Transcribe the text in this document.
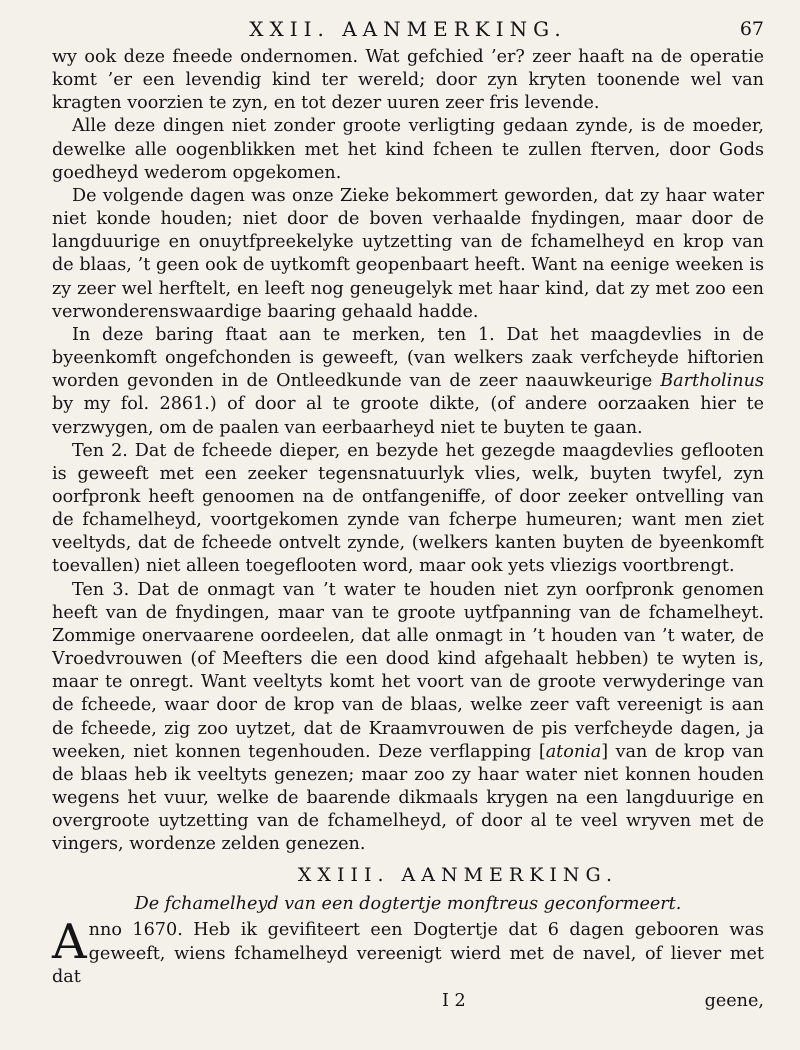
XXII. AANMERKING.	67

wy ook deze fneede ondernomen. Wat gefchied ’er? zeer haaft na de operatie komt ’er een levendig kind ter wereld; door zyn kryten toonende wel van kragten voorzien te zyn, en tot dezer uuren zeer fris levende.

Alle deze dingen niet zonder groote verligting gedaan zynde, is de moeder, dewelke alle oogenblikken met het kind fcheen te zullen fterven, door Gods goedheyd wederom opgekomen.

De volgende dagen was onze Zieke bekommert geworden, dat zy haar water niet konde houden; niet door de boven verhaalde fnydingen, maar door de langduurige en onuytfpreekelyke uytzetting van de fchamelheyd en krop van de blaas, ’t geen ook de uytkomft geopenbaart heeft. Want na eenige weeken is zy zeer wel herftelt, en leeft nog geneugelyk met haar kind, dat zy met zoo een verwonderenswaardige baaring gehaald hadde.

In deze baring ftaat aan te merken, ten 1. Dat het maagdevlies in de byeenkomft ongefchonden is geweeft, (van welkers zaak verfcheyde hiftorien worden gevonden in de Ontleedkunde van de zeer naauwkeurige Bartholinus by my fol. 2861.) of door al te groote dikte, (of andere oorzaaken hier te verzwygen, om de paalen van eerbaarheyd niet te buyten te gaan.

Ten 2. Dat de fcheede dieper, en bezyde het gezegde maagdevlies geflooten is geweeft met een zeeker tegensnatuurlyk vlies, welk, buyten twyfel, zyn oorfpronk heeft genoomen na de ontfangeniffe, of door zeeker ontvelling van de fchamelheyd, voortgekomen zynde van fcherpe humeuren; want men ziet veeltyds, dat de fcheede ontvelt zynde, (welkers kanten buyten de byeenkomft toevallen) niet alleen toegeflooten word, maar ook yets vliezigs voortbrengt.

Ten 3. Dat de onmagt van ’t water te houden niet zyn oorfpronk genomen heeft van de fnydingen, maar van te groote uytfpanning van de fchamelheyt. Zommige onervaarene oordeelen, dat alle onmagt in ’t houden van ’t water, de Vroedvrouwen (of Meefters die een dood kind afgehaalt hebben) te wyten is, maar te onregt. Want veeltyts komt het voort van de groote verwyderinge van de fcheede, waar door de krop van de blaas, welke zeer vaft vereenigt is aan de fcheede, zig zoo uytzet, dat de Kraamvrouwen de pis verfcheyde dagen, ja weeken, niet konnen tegenhouden. Deze verflapping [atonia] van de krop van de blaas heb ik veeltyts genezen; maar zoo zy haar water niet konnen houden wegens het vuur, welke de baarende dikmaals krygen na een langduurige en overgroote uytzetting van de fchamelheyd, of door al te veel wryven met de vingers, wordenze zelden genezen.

XXIII. AANMERKING.
De fchamelheyd van een dogtertje monftreus geconformeert.

Anno 1670. Heb ik gevifiteert een Dogtertje dat 6 dagen gebooren was geweeft, wiens fchamelheyd vereenigt wierd met de navel, of liever met dat

I 2	geene,
